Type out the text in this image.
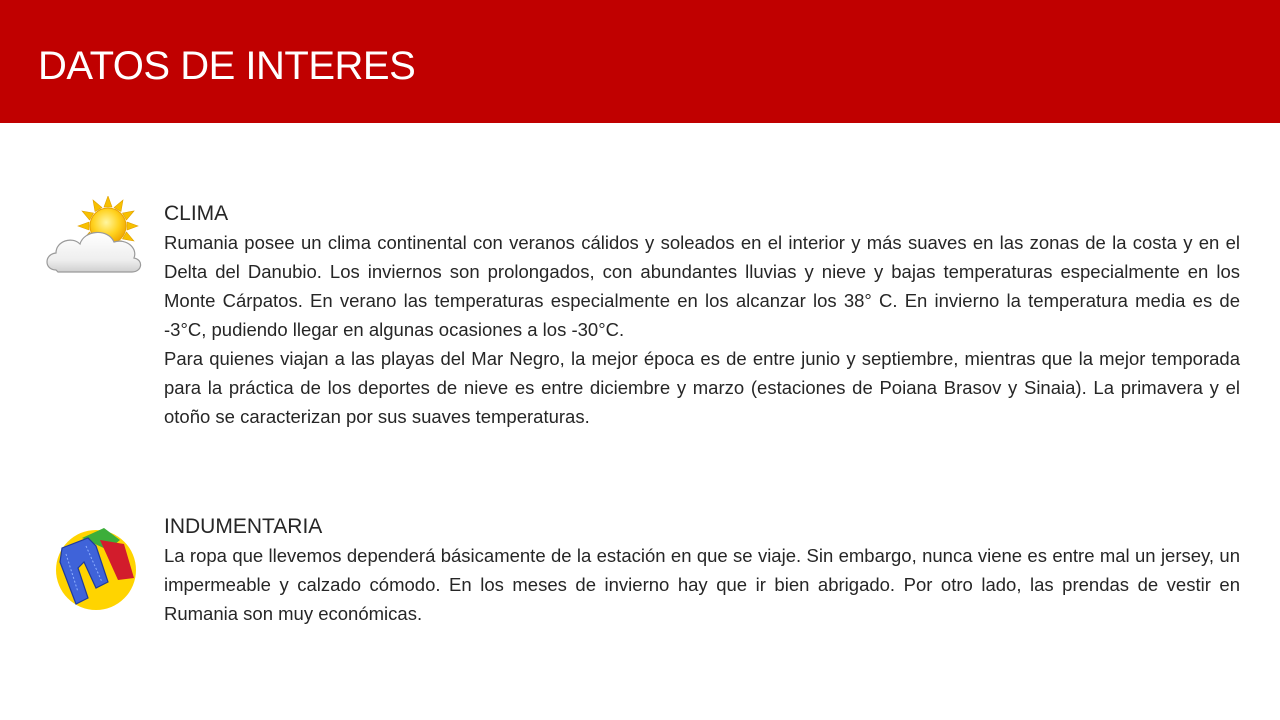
DATOS DE INTERES
CLIMA

Rumania posee un clima continental con veranos cálidos y soleados en el interior y más suaves en las zonas de la costa y en el Delta del Danubio. Los inviernos son prolongados, con abundantes lluvias y nieve y bajas temperaturas especialmente en los Monte Cárpatos. En verano las temperaturas especialmente en los alcanzar los 38° C. En invierno la temperatura media es de -3°C, pudiendo llegar en algunas ocasiones a los -30°C.

Para quienes viajan a las playas del Mar Negro, la mejor época es de entre junio y septiembre, mientras que la mejor temporada para la práctica de los deportes de nieve es entre diciembre y marzo (estaciones de Poiana Brasov y Sinaia). La primavera y el otoño se caracterizan por sus suaves temperaturas.

INDUMENTARIA

La ropa que llevemos dependerá básicamente de la estación en que se viaje. Sin embargo, nunca viene es entre mal un jersey, un impermeable y calzado cómodo. En los meses de invierno hay que ir bien abrigado. Por otro lado, las prendas de vestir en Rumania son muy económicas.
